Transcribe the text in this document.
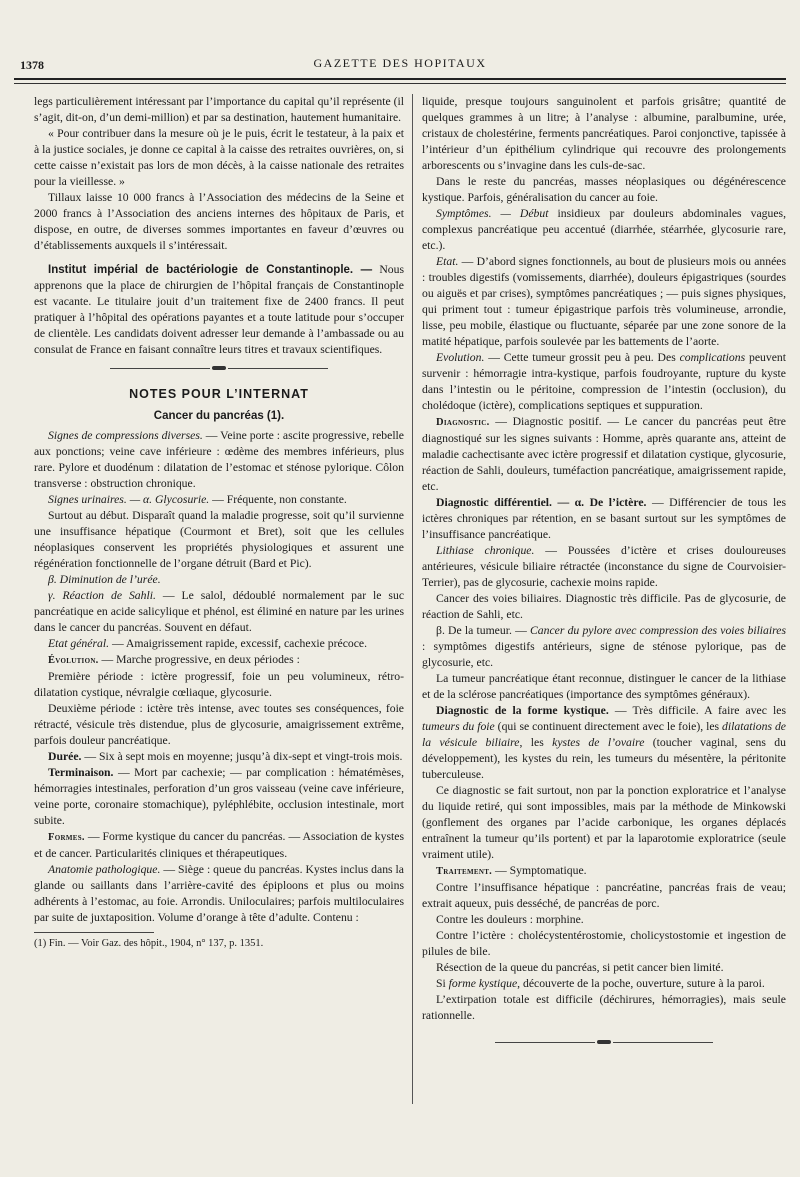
1378	GAZETTE DES HOPITAUX

legs particulièrement intéressant par l’importance du capital qu’il représente (il s’agit, dit-on, d’un demi-million) et par sa destination, hautement humanitaire.

« Pour contribuer dans la mesure où je le puis, écrit le testateur, à la paix et à la justice sociales, je donne ce capital à la caisse des retraites ouvrières, on, si cette caisse n’existait pas lors de mon décès, à la caisse nationale des retraites pour la vieillesse. »

Tillaux laisse 10 000 francs à l’Association des médecins de la Seine et 2000 francs à l’Association des anciens internes des hôpitaux de Paris, et dispose, en outre, de diverses sommes importantes en faveur d’œuvres ou d’établissements auxquels il s’intéressait.

Institut impérial de bactériologie de Constantinople. — Nous apprenons que la place de chirurgien de l’hôpital français de Constantinople est vacante. Le titulaire jouit d’un traitement fixe de 2400 francs. Il peut pratiquer à l’hôpital des opérations payantes et a toute latitude pour s’occuper de clientèle. Les candidats doivent adresser leur demande à l’ambassade ou au consulat de France en faisant connaître leurs titres et travaux scientifiques.

NOTES POUR L’INTERNAT
Cancer du pancréas (1).

Signes de compressions diverses. — Veine porte : ascite progressive, rebelle aux ponctions; veine cave inférieure : œdème des membres inférieurs, plus rare. Pylore et duodénum : dilatation de l’estomac et sténose pylorique. Côlon transverse : obstruction chronique.

Signes urinaires. — α. Glycosurie. — Fréquente, non constante.

Surtout au début. Disparaît quand la maladie progresse, soit qu’il survienne une insuffisance hépatique (Courmont et Bret), soit que les cellules néoplasiques conservent les propriétés physiologiques et assurent une régénération fonctionnelle de l’organe détruit (Bard et Pic).

β. Diminution de l’urée.

γ. Réaction de Sahli. — Le salol, dédoublé normalement par le suc pancréatique en acide salicylique et phénol, est éliminé en nature par les urines dans le cancer du pancréas. Souvent en défaut.

Etat général. — Amaigrissement rapide, excessif, cachexie précoce.

Évolution. — Marche progressive, en deux périodes :

Première période : ictère progressif, foie un peu volumineux, rétro-dilatation cystique, névralgie cœliaque, glycosurie.

Deuxième période : ictère très intense, avec toutes ses conséquences, foie rétracté, vésicule très distendue, plus de glycosurie, amaigrissement extrême, parfois douleur pancréatique.

Durée. — Six à sept mois en moyenne; jusqu’à dix-sept et vingt-trois mois.

Terminaison. — Mort par cachexie; — par complication : hématémèses, hémorragies intestinales, perforation d’un gros vaisseau (veine cave inférieure, veine porte, coronaire stomachique), pyléphlébite, occlusion intestinale, mort subite.

Formes. — Forme kystique du cancer du pancréas. — Association de kystes et de cancer. Particularités cliniques et thérapeutiques.

Anatomie pathologique. — Siège : queue du pancréas. Kystes inclus dans la glande ou saillants dans l’arrière-cavité des épiploons et plus ou moins adhérents à l’estomac, au foie. Arrondis. Uniloculaires; parfois multiloculaires par suite de juxtaposition. Volume d’orange à tête d’adulte. Contenu :

(1) Fin. — Voir Gaz. des hôpit., 1904, n° 137, p. 1351.

liquide, presque toujours sanguinolent et parfois grisâtre; quantité de quelques grammes à un litre; à l’analyse : albumine, paralbumine, urée, cristaux de cholestérine, ferments pancréatiques. Paroi conjonctive, tapissée à l’intérieur d’un épithélium cylindrique qui recouvre des prolongements arborescents ou s’invagine dans les culs-de-sac.

Dans le reste du pancréas, masses néoplasiques ou dégénérescence kystique. Parfois, généralisation du cancer au foie.

Symptômes. — Début insidieux par douleurs abdominales vagues, complexus pancréatique peu accentué (diarrhée, stéarrhée, glycosurie rare, etc.).

Etat. — D’abord signes fonctionnels, au bout de plusieurs mois ou années : troubles digestifs (vomissements, diarrhée), douleurs épigastriques (sourdes ou aiguës et par crises), symptômes pancréatiques ; — puis signes physiques, qui priment tout : tumeur épigastrique parfois très volumineuse, arrondie, lisse, peu mobile, élastique ou fluctuante, séparée par une zone sonore de la matité hépatique, parfois soulevée par les battements de l’aorte.

Evolution. — Cette tumeur grossit peu à peu. Des complications peuvent survenir : hémorragie intra-kystique, parfois foudroyante, rupture du kyste dans l’intestin ou le péritoine, compression de l’intestin (occlusion), du cholédoque (ictère), complications septiques et suppuration.

Diagnostic. — Diagnostic positif. — Le cancer du pancréas peut être diagnostiqué sur les signes suivants : Homme, après quarante ans, atteint de maladie cachectisante avec ictère progressif et dilatation cystique, glycosurie, réaction de Sahli, douleurs, tuméfaction pancréatique, amaigrissement rapide, etc.

Diagnostic différentiel. — α. De l’ictère. — Différencier de tous les ictères chroniques par rétention, en se basant surtout sur les symptômes de l’insuffisance pancréatique.

Lithiase chronique. — Poussées d’ictère et crises douloureuses antérieures, vésicule biliaire rétractée (inconstance du signe de Courvoisier-Terrier), pas de glycosurie, cachexie moins rapide.

Cancer des voies biliaires. Diagnostic très difficile. Pas de glycosurie, de réaction de Sahli, etc.

β. De la tumeur. — Cancer du pylore avec compression des voies biliaires : symptômes digestifs antérieurs, signe de sténose pylorique, pas de glycosurie, etc.

La tumeur pancréatique étant reconnue, distinguer le cancer de la lithiase et de la sclérose pancréatiques (importance des symptômes généraux).

Diagnostic de la forme kystique. — Très difficile. A faire avec les tumeurs du foie (qui se continuent directement avec le foie), les dilatations de la vésicule biliaire, les kystes de l’ovaire (toucher vaginal, sens du développement), les kystes du rein, les tumeurs du mésentère, la péritonite tuberculeuse.

Ce diagnostic se fait surtout, non par la ponction exploratrice et l’analyse du liquide retiré, qui sont impossibles, mais par la méthode de Minkowski (gonflement des organes par l’acide carbonique, les organes déplacés entraînent la tumeur qu’ils portent) et par la laparotomie exploratrice (seule vraiment utile).

Traitement. — Symptomatique.

Contre l’insuffisance hépatique : pancréatine, pancréas frais de veau; extrait aqueux, puis desséché, de pancréas de porc.

Contre les douleurs : morphine.

Contre l’ictère : cholécystentérostomie, cholicystostomie et ingestion de pilules de bile.

Résection de la queue du pancréas, si petit cancer bien limité.

Si forme kystique, découverte de la poche, ouverture, suture à la paroi.

L’extirpation totale est difficile (déchirures, hémorragies), mais seule rationnelle.
